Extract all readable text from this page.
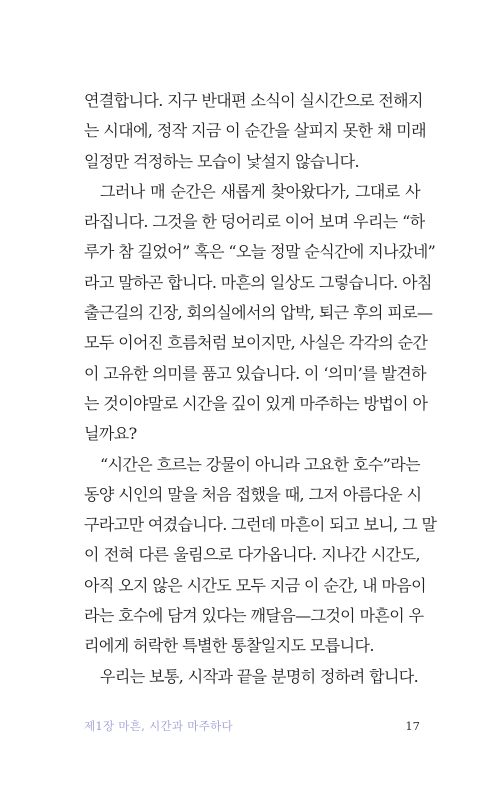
연결합니다. 지구 반대편 소식이 실시간으로 전해지
는 시대에, 정작 지금 이 순간을 살피지 못한 채 미래
일정만 걱정하는 모습이 낯설지 않습니다.
그러나 매 순간은 새롭게 찾아왔다가, 그대로 사
라집니다. 그것을 한 덩어리로 이어 보며 우리는 “하
루가 참 길었어” 혹은 “오늘 정말 순식간에 지나갔네”
라고 말하곤 합니다. 마흔의 일상도 그렇습니다. 아침
출근길의 긴장, 회의실에서의 압박, 퇴근 후의 피로—
모두 이어진 흐름처럼 보이지만, 사실은 각각의 순간
이 고유한 의미를 품고 있습니다. 이 ‘의미’를 발견하
는 것이야말로 시간을 깊이 있게 마주하는 방법이 아
닐까요?
“시간은 흐르는 강물이 아니라 고요한 호수”라는
동양 시인의 말을 처음 접했을 때, 그저 아름다운 시
구라고만 여겼습니다. 그런데 마흔이 되고 보니, 그 말
이 전혀 다른 울림으로 다가옵니다. 지나간 시간도,
아직 오지 않은 시간도 모두 지금 이 순간, 내 마음이
라는 호수에 담겨 있다는 깨달음—그것이 마흔이 우
리에게 허락한 특별한 통찰일지도 모릅니다.
우리는 보통, 시작과 끝을 분명히 정하려 합니다.
제1장 마흔, 시간과 마주하다	17
